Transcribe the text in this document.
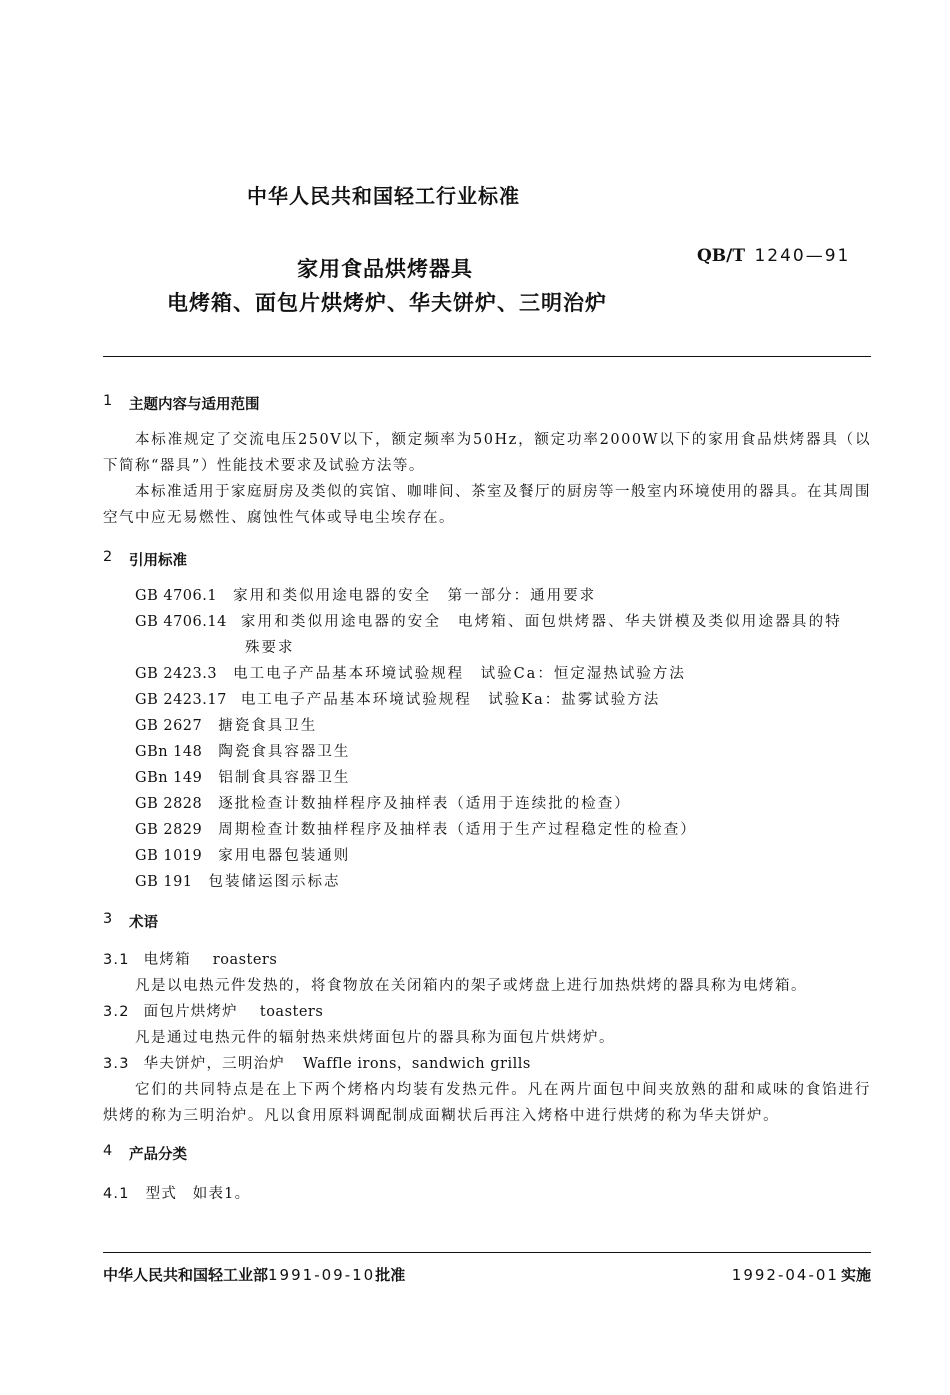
中华人民共和国轻工行业标准
家用食品烘烤器具
电烤箱、面包片烘烤炉、华夫饼炉、三明治炉
QB/T 1240—91
1 主题内容与适用范围
本标准规定了交流电压250V以下，额定频率为50Hz，额定功率2000W以下的家用食品烘烤器具（以下简称“器具”）性能技术要求及试验方法等。
本标准适用于家庭厨房及类似的宾馆、咖啡间、茶室及餐厅的厨房等一般室内环境使用的器具。在其周围空气中应无易燃性、腐蚀性气体或导电尘埃存在。
2 引用标准
GB 4706.1 家用和类似用途电器的安全　第一部分：通用要求
GB 4706.14 家用和类似用途电器的安全　电烤箱、面包烘烤器、华夫饼模及类似用途器具的特
殊要求
GB 2423.3 电工电子产品基本环境试验规程　试验Ca：恒定湿热试验方法
GB 2423.17 电工电子产品基本环境试验规程　试验Ka：盐雾试验方法
GB 2627 搪瓷食具卫生
GBn 148 陶瓷食具容器卫生
GBn 149 铝制食具容器卫生
GB 2828 逐批检查计数抽样程序及抽样表（适用于连续批的检查）
GB 2829 周期检查计数抽样程序及抽样表（适用于生产过程稳定性的检查）
GB 1019 家用电器包装通则
GB 191 包装储运图示标志
3 术语
3.1 电烤箱 roasters
凡是以电热元件发热的，将食物放在关闭箱内的架子或烤盘上进行加热烘烤的器具称为电烤箱。
3.2 面包片烘烤炉 toasters
凡是通过电热元件的辐射热来烘烤面包片的器具称为面包片烘烤炉。
3.3 华夫饼炉，三明治炉 Waffle irons，sandwich grills
它们的共同特点是在上下两个烤格内均装有发热元件。凡在两片面包中间夹放熟的甜和咸味的食馅进行烘烤的称为三明治炉。凡以食用原料调配制成面糊状后再注入烤格中进行烘烤的称为华夫饼炉。
4 产品分类
4.1 型式　如表1。
中华人民共和国轻工业部1991-09-10批准	1992-04-01 实施
